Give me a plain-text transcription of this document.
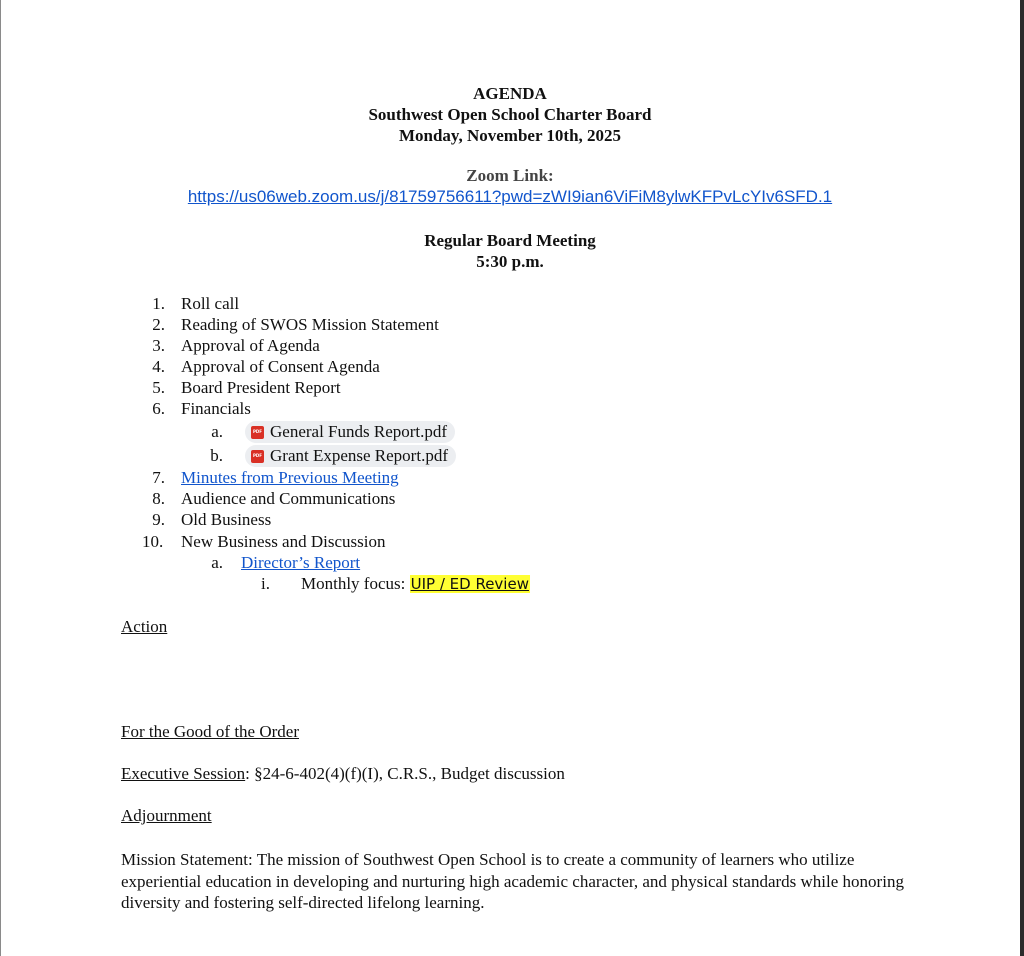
AGENDA
Southwest Open School Charter Board
Monday, November 10th, 2025
Zoom Link:
https://us06web.zoom.us/j/81759756611?pwd=zWI9ian6ViFiM8ylwKFPvLcYIv6SFD.1
Regular Board Meeting
5:30 p.m.
1. Roll call
2. Reading of SWOS Mission Statement
3. Approval of Agenda
4. Approval of Consent Agenda
5. Board President Report
6. Financials
a.	PDF General Funds Report.pdf
b.	PDF Grant Expense Report.pdf
7. Minutes from Previous Meeting
8. Audience and Communications
9. Old Business
10. New Business and Discussion
a. Director’s Report
i. Monthly focus: UIP / ED Review
Action
For the Good of the Order
Executive Session: §24-6-402(4)(f)(I), C.R.S., Budget discussion
Adjournment
Mission Statement: The mission of Southwest Open School is to create a community of learners who utilize experiential education in developing and nurturing high academic character, and physical standards while honoring diversity and fostering self-directed lifelong learning.
